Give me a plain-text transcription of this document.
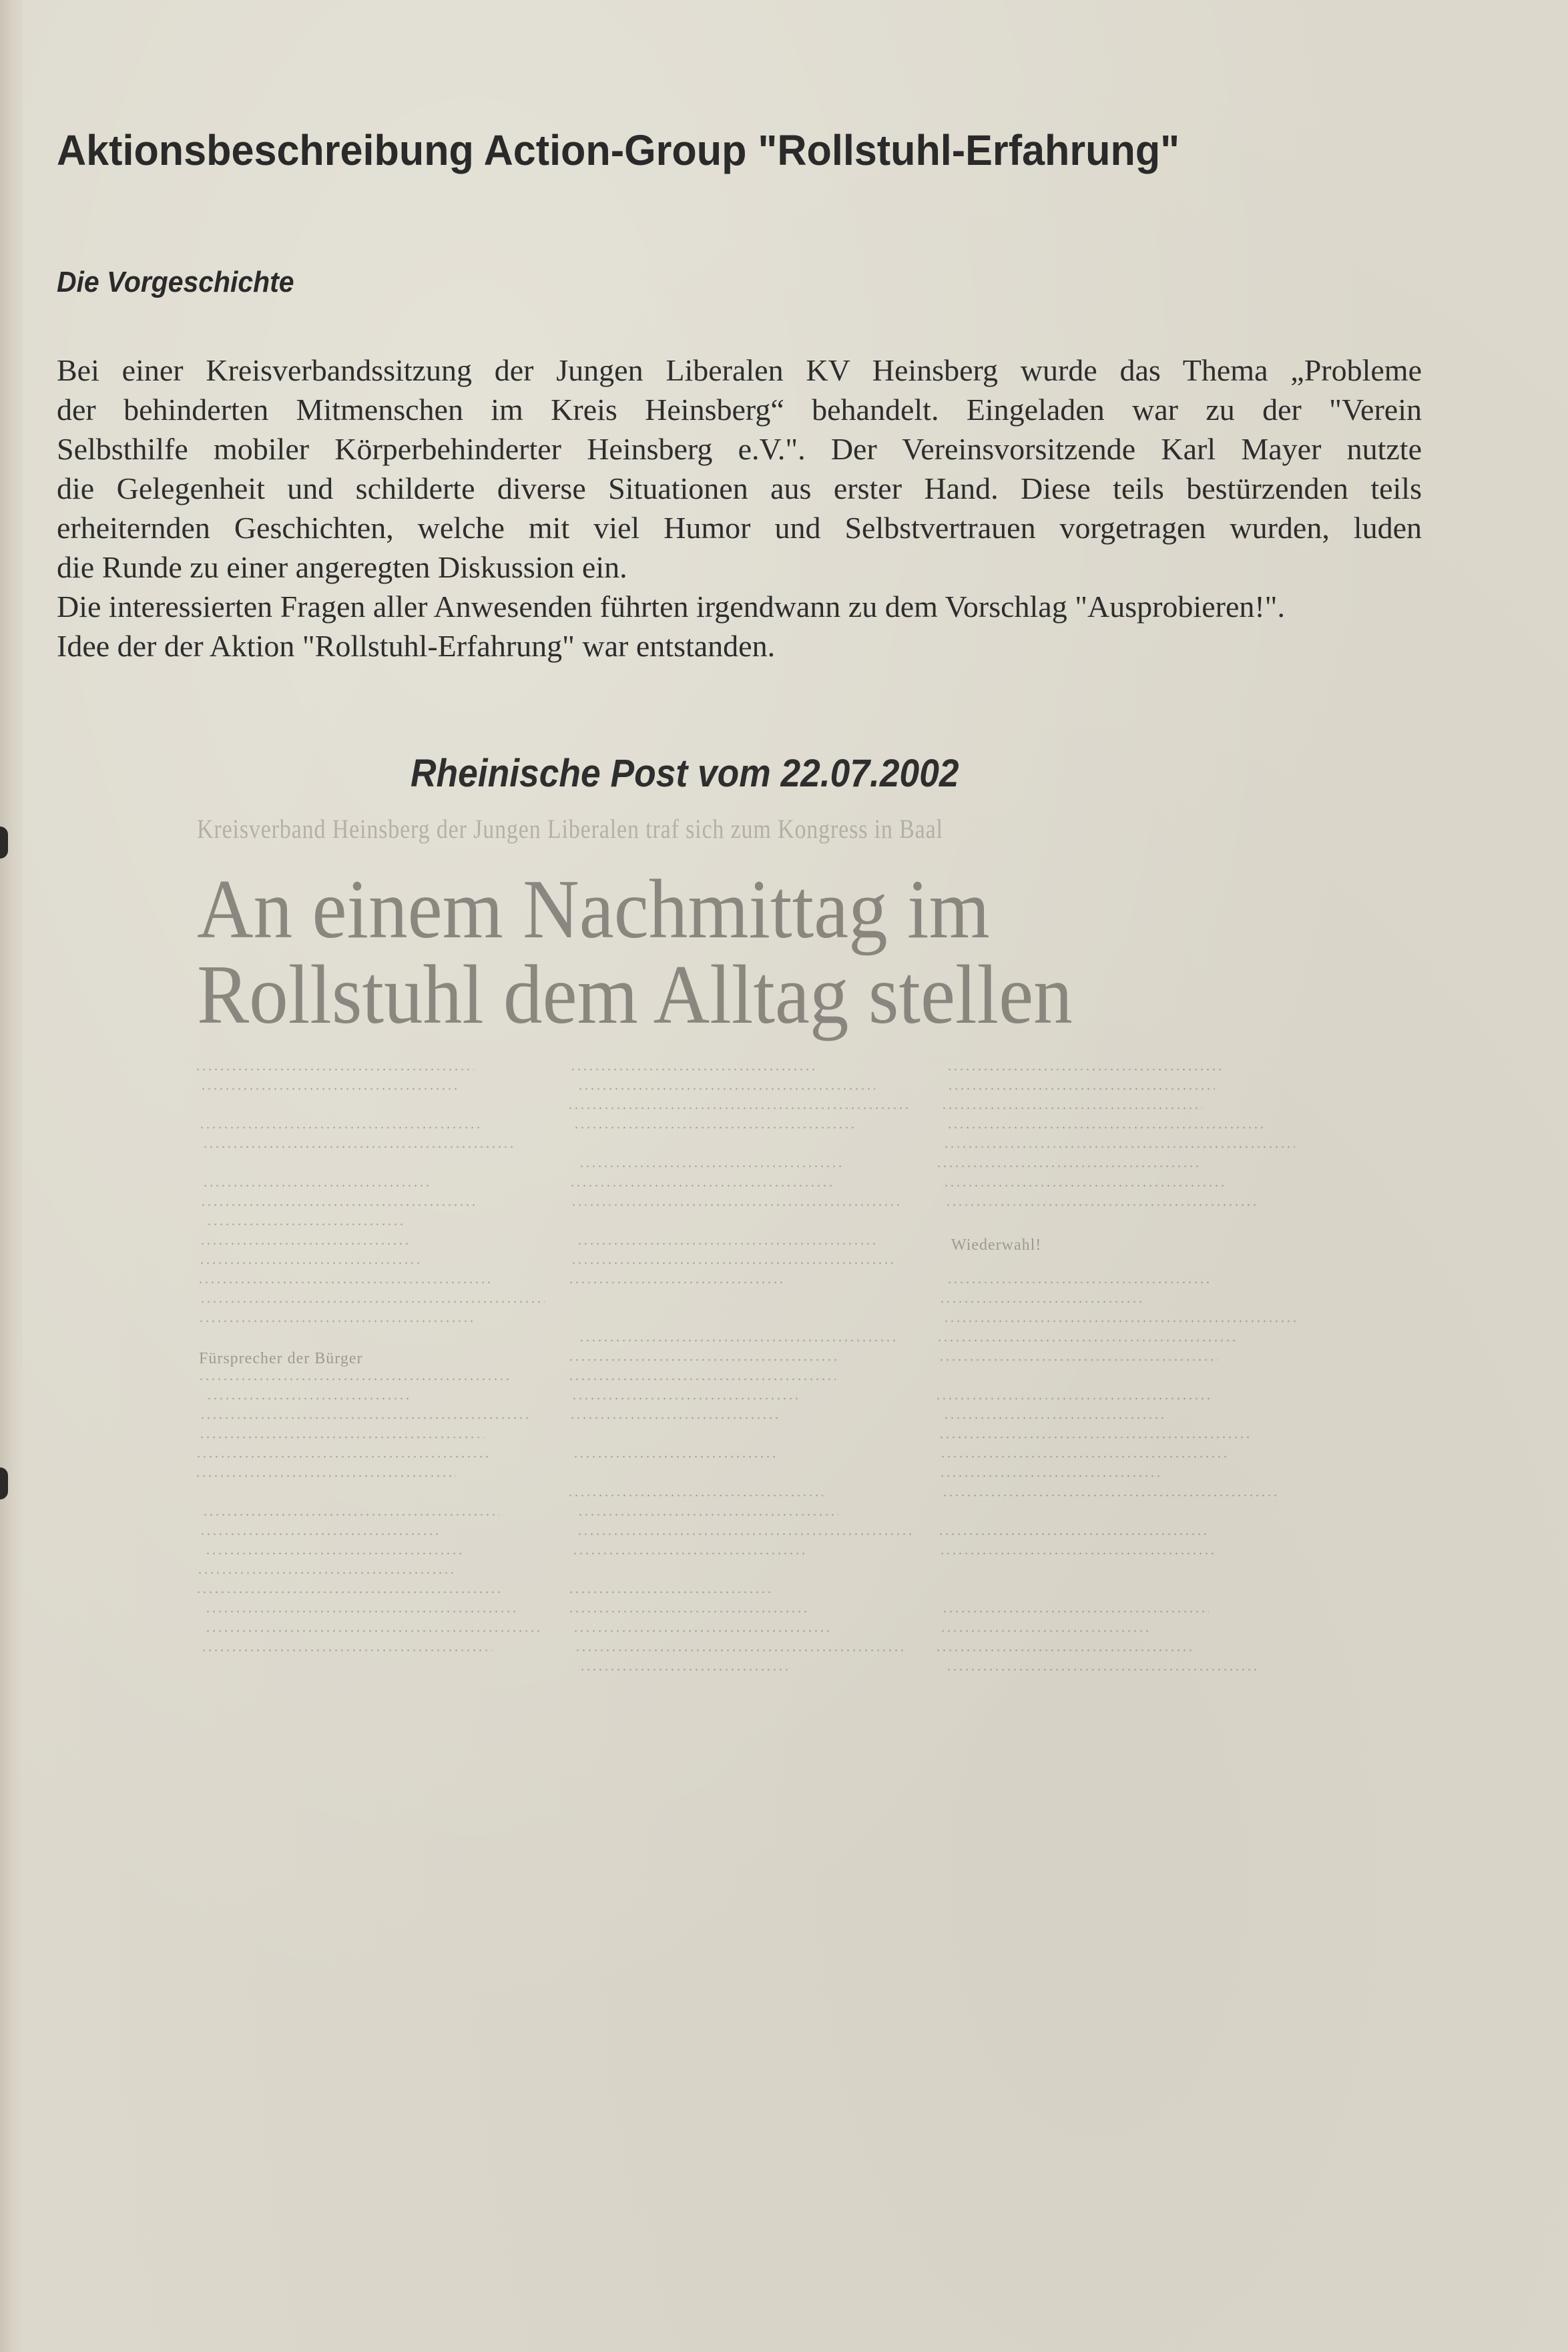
Aktionsbeschreibung Action-Group "Rollstuhl-Erfahrung"
Die Vorgeschichte
Bei einer Kreisverbandssitzung der Jungen Liberalen KV Heinsberg wurde das Thema „Probleme
der behinderten Mitmenschen im Kreis Heinsberg“ behandelt. Eingeladen war zu der "Verein
Selbsthilfe mobiler Körperbehinderter Heinsberg e.V.". Der Vereinsvorsitzende Karl Mayer nutzte
die Gelegenheit und schilderte diverse Situationen aus erster Hand. Diese teils bestürzenden teils
erheiternden Geschichten, welche mit viel Humor und Selbstvertrauen vorgetragen wurden, luden
die Runde zu einer angeregten Diskussion ein.
Die interessierten Fragen aller Anwesenden führten irgendwann zu dem Vorschlag "Ausprobieren!".
Idee der der Aktion "Rollstuhl-Erfahrung" war entstanden.
Rheinische Post vom 22.07.2002
Kreisverband Heinsberg der Jungen Liberalen traf sich zum Kongress in Baal
An einem Nachmittag im
Rollstuhl dem Alltag stellen
Fürsprecher der Bürger
Wiederwahl!
